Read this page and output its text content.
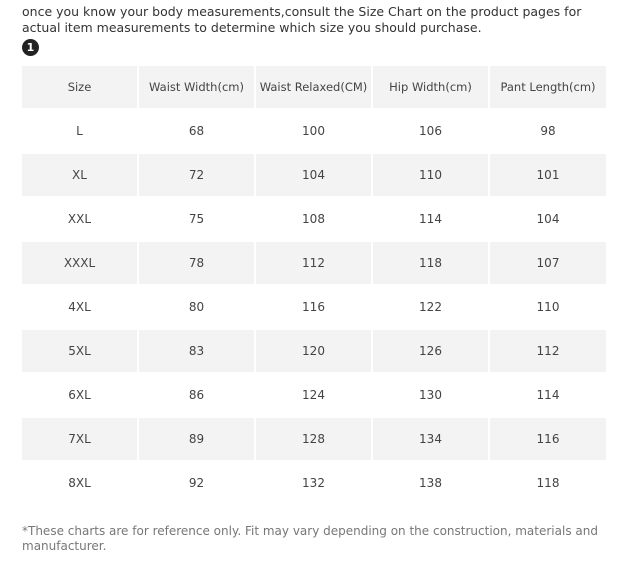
once you know your body measurements,consult the Size Chart on the product pages for actual item measurements to determine which size you should purchase.
1
Size	Waist Width(cm)	Waist Relaxed(CM)	Hip Width(cm)	Pant Length(cm)
L	68	100	106	98
XL	72	104	110	101
XXL	75	108	114	104
XXXL	78	112	118	107
4XL	80	116	122	110
5XL	83	120	126	112
6XL	86	124	130	114
7XL	89	128	134	116
8XL	92	132	138	118
*These charts are for reference only. Fit may vary depending on the construction, materials and manufacturer.
